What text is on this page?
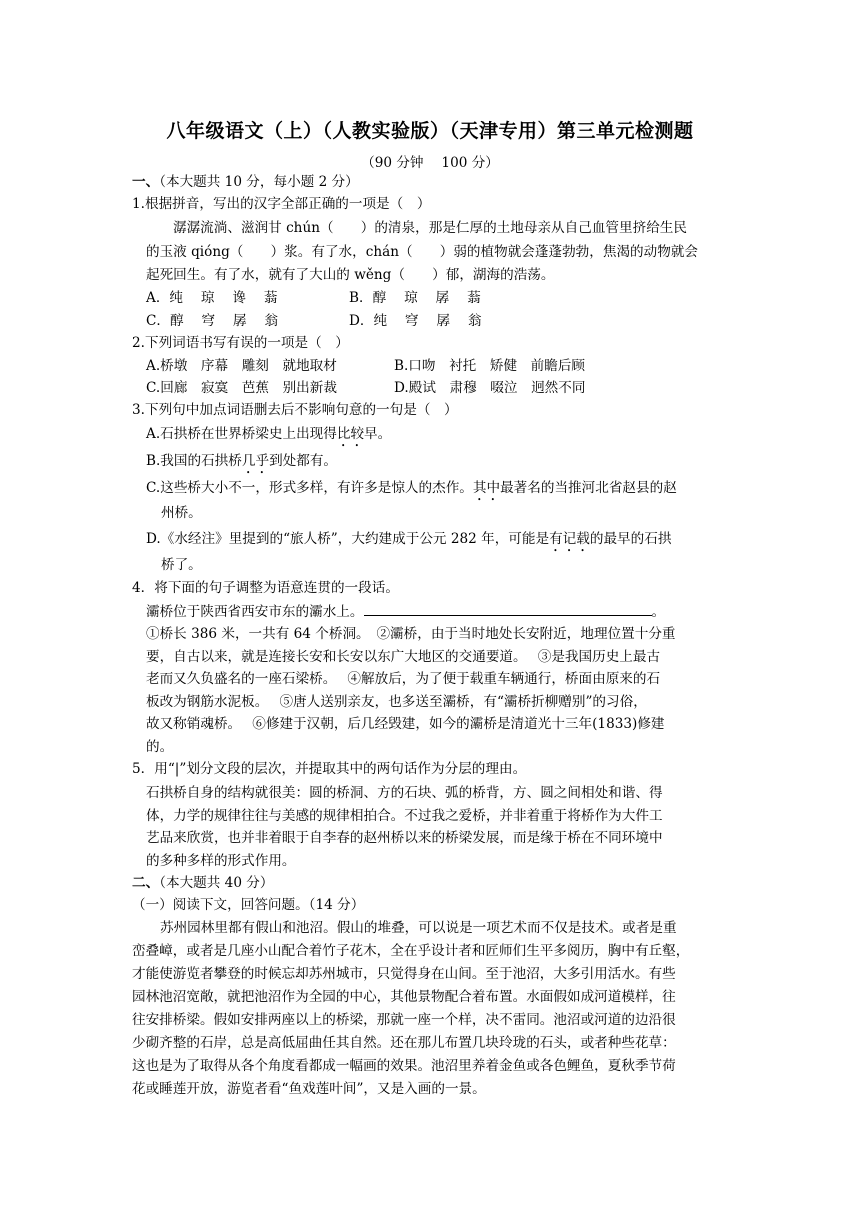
八年级语文（上）（人教实验版）（天津专用）第三单元检测题
（90 分钟　 100 分）
一、（本大题共 10 分，每小题 2 分）
1.根据拼音，写出的汉字全部正确的一项是（　）
潺潺流淌、滋润甘 chún（　　）的清泉，那是仁厚的土地母亲从自己血管里挤给生民
的玉液 qióng（　　）浆。有了水，chán（　　）弱的植物就会蓬蓬勃勃，焦渴的动物就会
起死回生。有了水，就有了大山的 wěng（　　）郁，湖海的浩荡。
A．纯　 琼　 谗　 蓊	B．醇　 琼　 孱　 蓊
C．醇　 穹　 孱　 翁	D．纯　 穹　 孱　 翁
2.下列词语书写有误的一项是（　）
A.桥墩　序幕　雕刻　就地取材	B.口吻　衬托　矫健　前瞻后顾
C.回廊　寂寞　芭蕉　别出新裁	D.殿试　肃穆　啜泣　迥然不同
3.下列句中加点词语删去后不影响句意的一句是（　）
A.石拱桥在世界桥梁史上出现得比较早。
B.我国的石拱桥几乎到处都有。
C.这些桥大小不一，形式多样，有许多是惊人的杰作。其中最著名的当推河北省赵县的赵
州桥。
D.《水经注》里提到的“旅人桥”，大约建成于公元 282 年，可能是有记载的最早的石拱
桥了。
4．将下面的句子调整为语意连贯的一段话。
灞桥位于陕西省西安市东的灞水上。	。
①桥长 386 米，一共有 64 个桥洞。　②灞桥，由于当时地处长安附近，地理位置十分重
要，自古以来，就是连接长安和长安以东广大地区的交通要道。　 ③是我国历史上最古
老而又久负盛名的一座石梁桥。　 ④解放后，为了便于载重车辆通行，桥面由原来的石
板改为钢筋水泥板。　 ⑤唐人送别亲友，也多送至灞桥，有“灞桥折柳赠别”的习俗，
故又称销魂桥。　 ⑥修建于汉朝，后几经毁建，如今的灞桥是清道光十三年(1833)修建
的。
5．用“|”划分文段的层次，并提取其中的两句话作为分层的理由。
石拱桥自身的结构就很美：圆的桥洞、方的石块、弧的桥背，方、圆之间相处和谐、得
体，力学的规律往往与美感的规律相拍合。不过我之爱桥，并非着重于将桥作为大件工
艺品来欣赏，也并非着眼于自李春的赵州桥以来的桥梁发展，而是缘于桥在不同环境中
的多种多样的形式作用。
二、（本大题共 40 分）
（一）阅读下文，回答问题。（14 分）
苏州园林里都有假山和池沼。假山的堆叠，可以说是一项艺术而不仅是技术。或者是重
峦叠嶂，或者是几座小山配合着竹子花木，全在乎设计者和匠师们生平多阅历，胸中有丘壑，
才能使游览者攀登的时候忘却苏州城市，只觉得身在山间。至于池沼，大多引用活水。有些
园林池沼宽敞，就把池沼作为全园的中心，其他景物配合着布置。水面假如成河道模样，往
往安排桥梁。假如安排两座以上的桥梁，那就一座一个样，决不雷同。池沼或河道的边沿很
少砌齐整的石岸，总是高低屈曲任其自然。还在那儿布置几块玲珑的石头，或者种些花草：
这也是为了取得从各个角度看都成一幅画的效果。池沼里养着金鱼或各色鲤鱼，夏秋季节荷
花或睡莲开放，游览者看“鱼戏莲叶间”，又是入画的一景。
